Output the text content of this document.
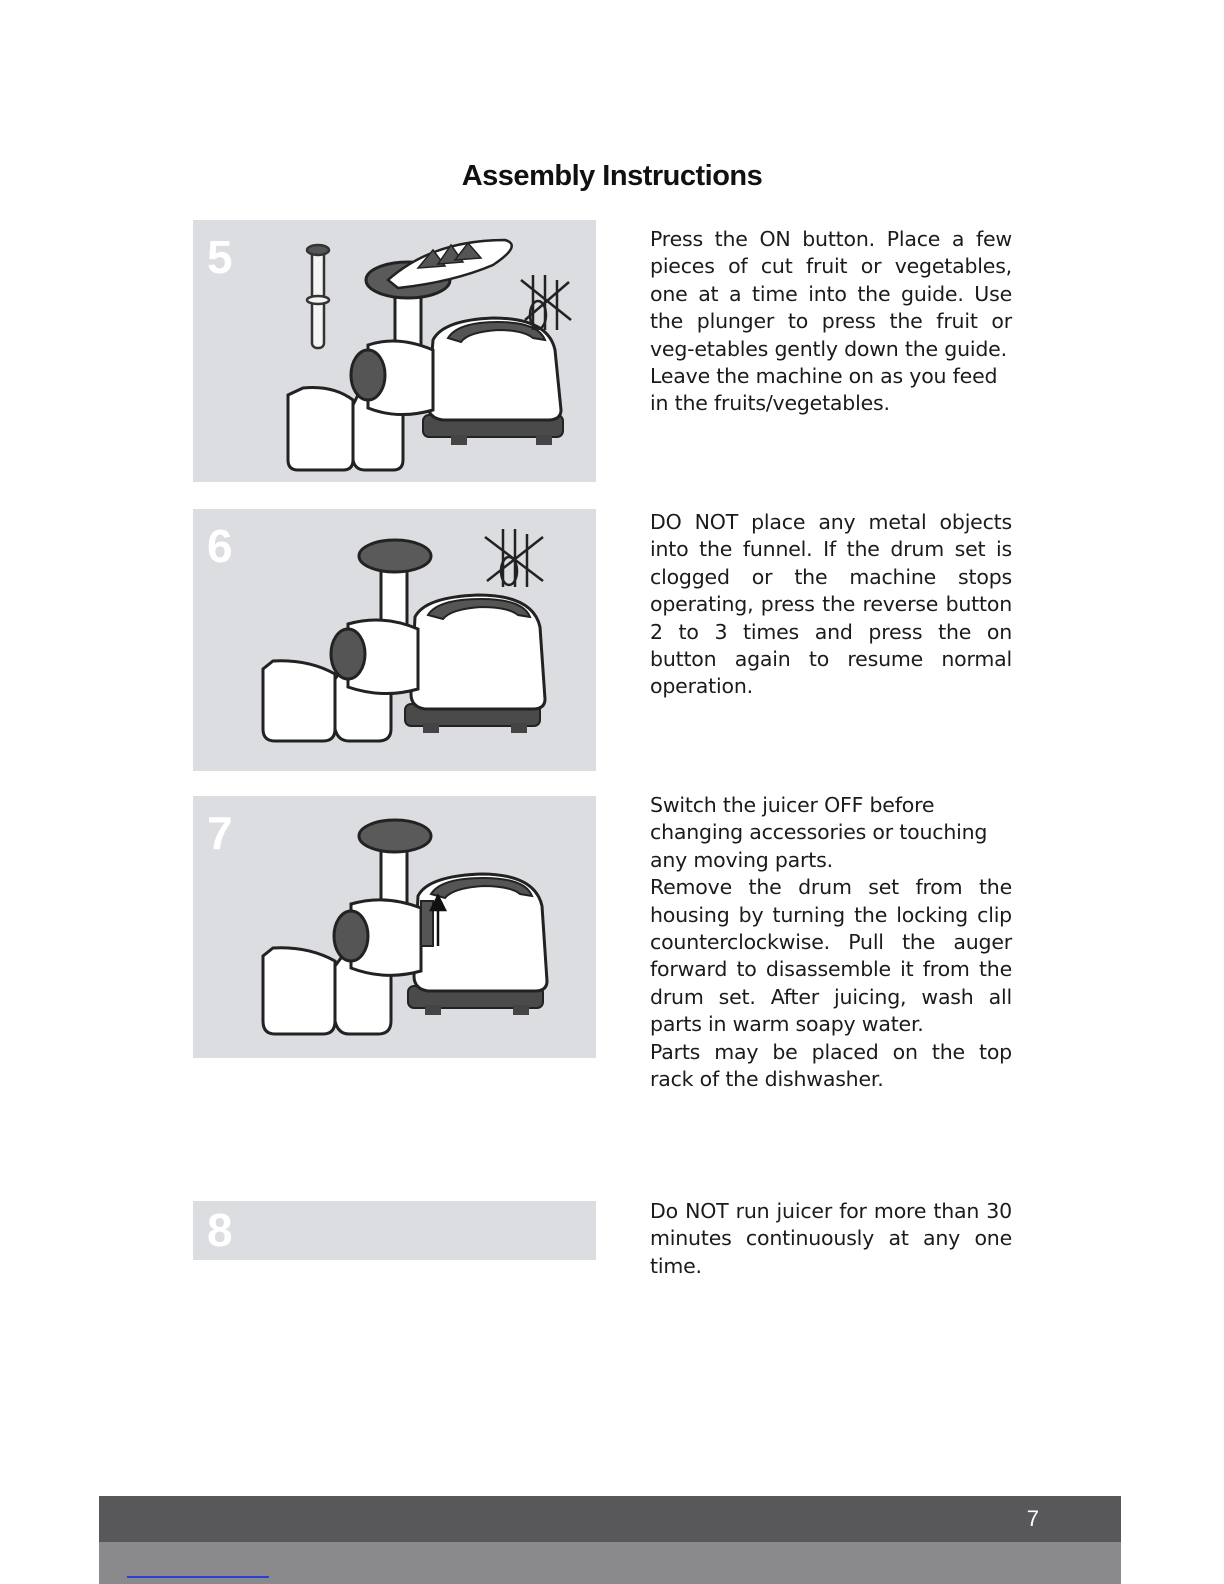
Assembly Instructions
5	Press the ON button. Place a few pieces of cut fruit or vegetables, one at a time into the guide. Use the plunger to press the fruit or veg-etables gently down the guide.

Leave the machine on as you feed in the fruits/vegetables.

6	DO NOT place any metal objects into the funnel. If the drum set is clogged or the machine stops operating, press the reverse button 2 to 3 times and press the on button again to resume normal operation.

7

Switch the juicer OFF before changing accessories or touching any moving parts.

Remove the drum set from the housing by turning the locking clip counterclockwise. Pull the auger forward to disassemble it from the drum set. After juicing, wash all parts in warm soapy water.

Parts may be placed on the top rack of the dishwasher.

8	Do NOT run juicer for more than 30 minutes continuously at any one time.

7
